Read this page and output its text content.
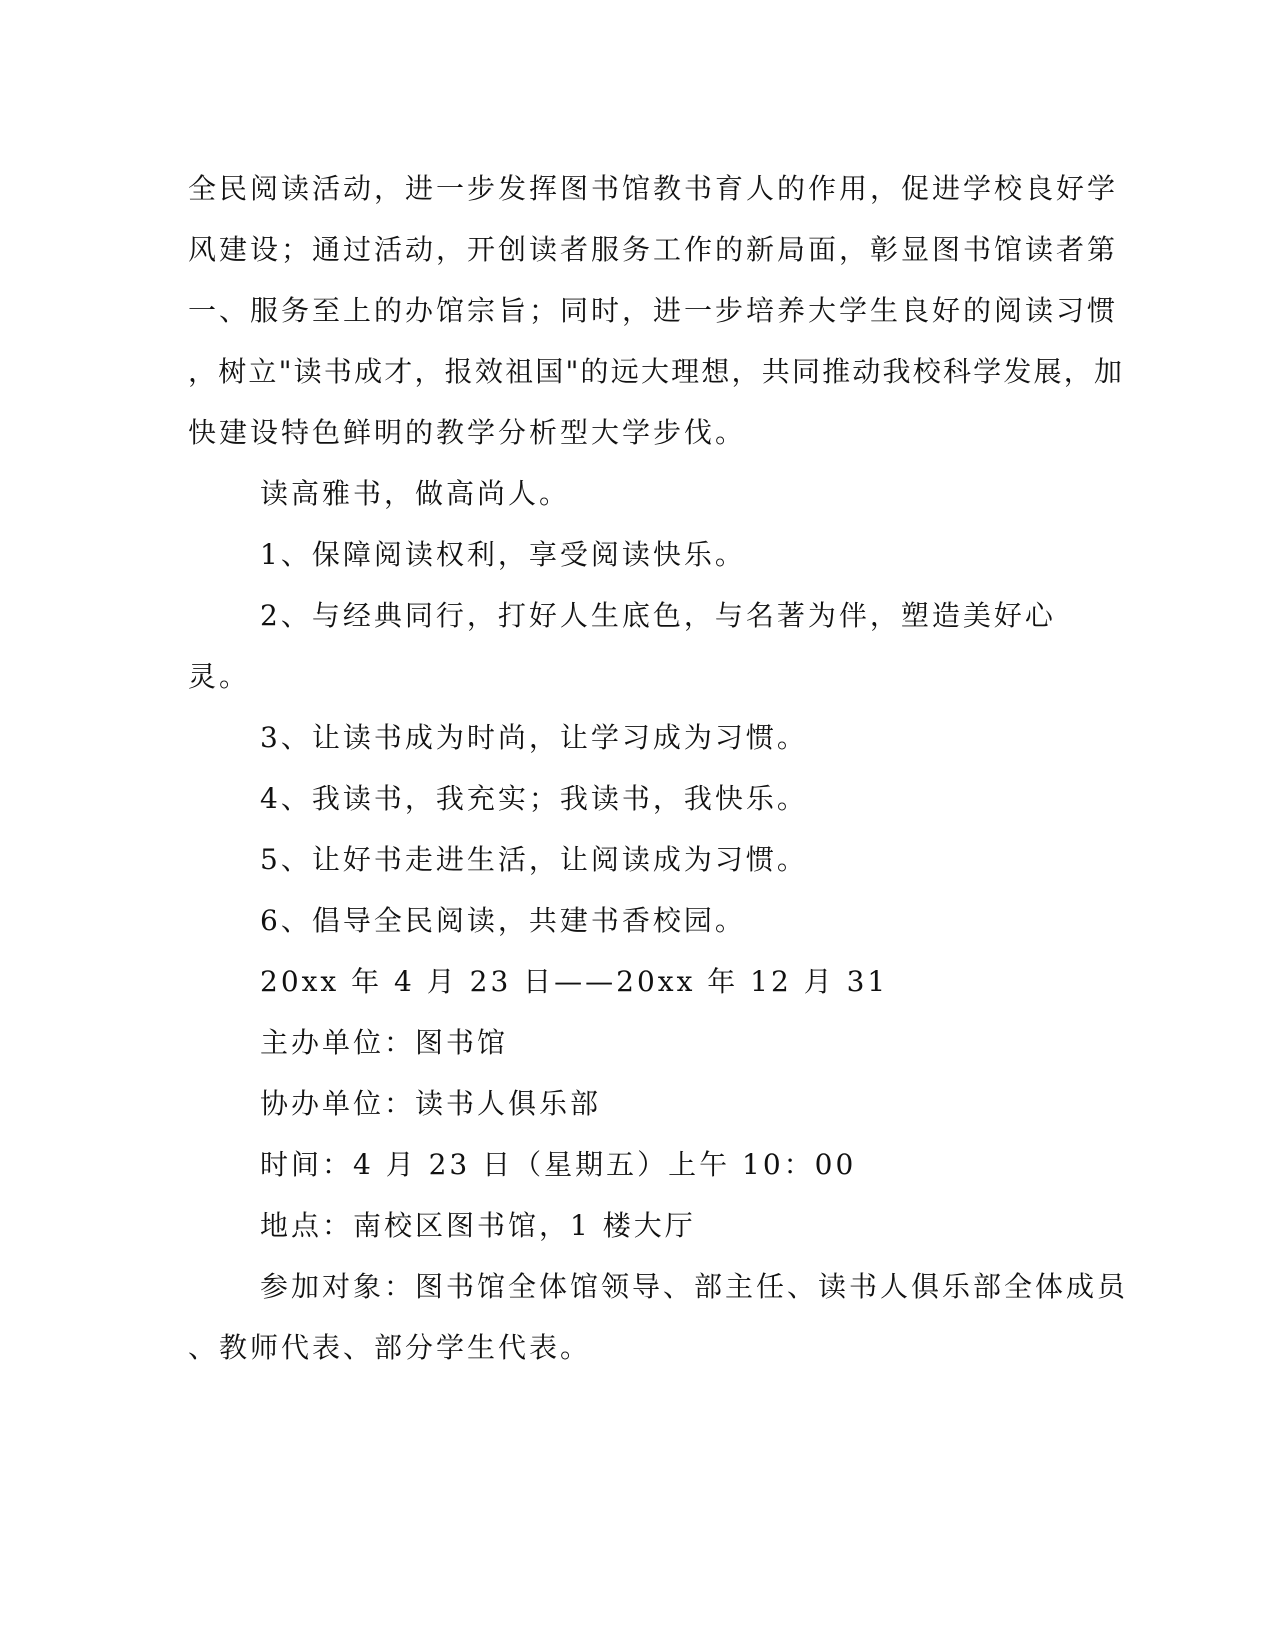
全民阅读活动，进一步发挥图书馆教书育人的作用，促进学校良好学
风建设；通过活动，开创读者服务工作的新局面，彰显图书馆读者第
一、服务至上的办馆宗旨；同时，进一步培养大学生良好的阅读习惯
，树立"读书成才，报效祖国"的远大理想，共同推动我校科学发展，加
快建设特色鲜明的教学分析型大学步伐。

读高雅书，做高尚人。

1、保障阅读权利，享受阅读快乐。

2、与经典同行，打好人生底色，与名著为伴，塑造美好心灵。

3、让读书成为时尚，让学习成为习惯。

4、我读书，我充实；我读书，我快乐。

5、让好书走进生活，让阅读成为习惯。

6、倡导全民阅读，共建书香校园。

20xx 年 4 月 23 日——20xx 年 12 月 31

主办单位：图书馆

协办单位：读书人俱乐部

时间：4 月 23 日（星期五）上午 10：00

地点：南校区图书馆，1 楼大厅

参加对象：图书馆全体馆领导、部主任、读书人俱乐部全体成员
、教师代表、部分学生代表。
